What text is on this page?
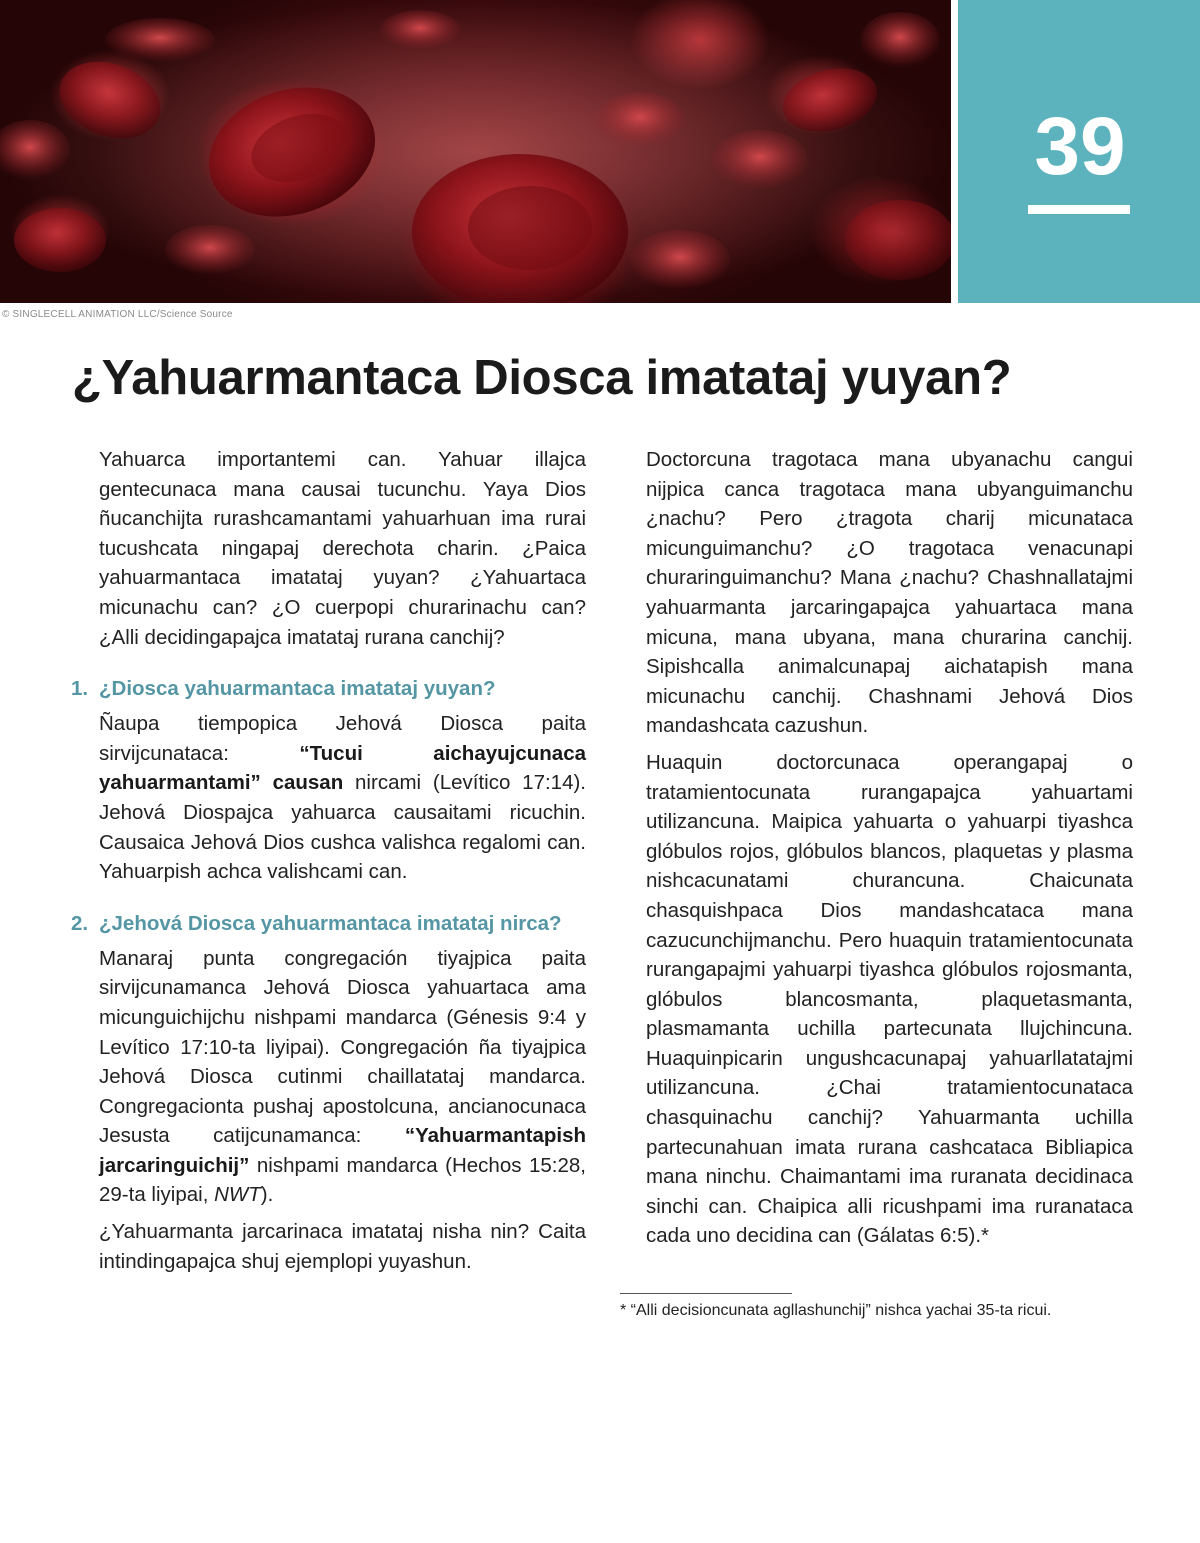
© SINGLECELL ANIMATION LLC/Science Source
39
¿Yahuarmantaca Diosca imatataj yuyan?

Yahuarca importantemi can. Yahuar illajca gentecunaca mana causai tucunchu. Yaya Dios ñucanchijta rurashcamantami yahuarhuan ima rurai tucushcata ningapaj derechota charin. ¿Paica yahuarmantaca imatataj yuyan? ¿Yahuartaca micunachu can? ¿O cuerpopi churarinachu can? ¿Alli decidingapajca imatataj rurana canchij?

1. ¿Diosca yahuarmantaca imatataj yuyan?

Ñaupa tiempopica Jehová Diosca paita sirvijcunataca: “Tucui aichayujcunaca yahuarmantami” causan nircami (Levítico 17:14). Jehová Diospajca yahuarca causaitami ricuchin. Causaica Jehová Dios cushca valishca regalomi can. Yahuarpish achca valishcami can.

2. ¿Jehová Diosca yahuarmantaca imatataj nirca?

Manaraj punta congregación tiyajpica paita sirvijcunamanca Jehová Diosca yahuartaca ama micunguichijchu nishpami mandarca (Génesis 9:4 y Levítico 17:10-ta liyipai). Congregación ña tiyajpica Jehová Diosca cutinmi chaillatataj mandarca. Congregacionta pushaj apostolcuna, ancianocunaca Jesusta catijcunamanca: “Yahuarmantapish jarcaringuichij” nishpami mandarca (Hechos 15:28, 29-ta liyipai, NWT).

¿Yahuarmanta jarcarinaca imatataj nisha nin? Caita intindingapajca shuj ejemplopi yuyashun.

Doctorcuna tragotaca mana ubyanachu cangui nijpica canca tragotaca mana ubyanguimanchu ¿nachu? Pero ¿tragota charij micunataca micunguimanchu? ¿O tragotaca venacunapi churaringuimanchu? Mana ¿nachu? Chashnallatajmi yahuarmanta jarcaringapajca yahuartaca mana micuna, mana ubyana, mana churarina canchij. Sipishcalla animalcunapaj aichatapish mana micunachu canchij. Chashnami Jehová Dios mandashcata cazushun.

Huaquin doctorcunaca operangapaj o tratamientocunata rurangapajca yahuartami utilizancuna. Maipica yahuarta o yahuarpi tiyashca glóbulos rojos, glóbulos blancos, plaquetas y plasma nishcacunatami churancuna. Chaicunata chasquishpaca Dios mandashcataca mana cazucunchijmanchu. Pero huaquin tratamientocunata rurangapajmi yahuarpi tiyashca glóbulos rojosmanta, glóbulos blancosmanta, plaquetasmanta, plasmamanta uchilla partecunata llujchincuna. Huaquinpicarin ungushcacunapaj yahuarllatatajmi utilizancuna. ¿Chai tratamientocunataca chasquinachu canchij? Yahuarmanta uchilla partecunahuan imata rurana cashcataca Bibliapica mana ninchu. Chaimantami ima ruranata decidinaca sinchi can. Chaipica alli ricushpami ima ruranataca cada uno decidina can (Gálatas 6:5).*

* “Alli decisioncunata agllashunchij” nishca yachai 35-ta ricui.
